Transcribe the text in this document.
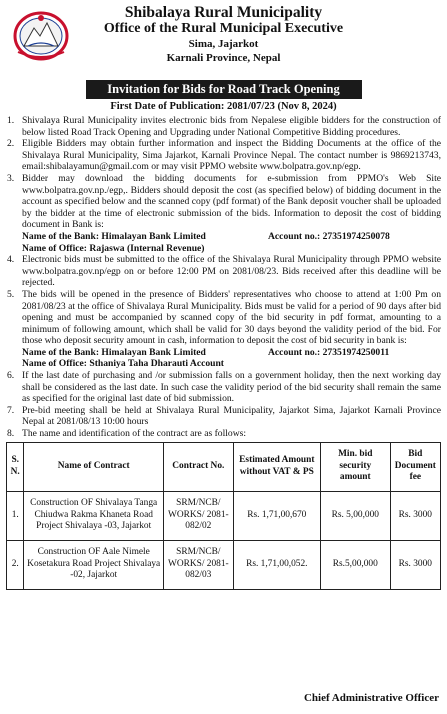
Shibalaya Rural Municipality
Office of the Rural Municipal Executive
Sima, Jajarkot
Karnali Province, Nepal
Invitation for Bids for Road Track Opening
First Date of Publication: 2081/07/23 (Nov 8, 2024)
1. Shivalaya Rural Municipality invites electronic bids from Nepalese eligible bidders for the construction of below listed Road Track Opening and Upgrading under National Competitive Bidding procedures.
2. Eligible Bidders may obtain further information and inspect the Bidding Documents at the office of the Shivalaya Rural Municipality, Sima Jajarkot, Karnali Province Nepal. The contact number is 9869213743, email:shibalayamun@gmail.com or may visit PPMO website www.bolpatra.gov.np/egp.
3. Bidder may download the bidding documents for e-submission from PPMO's Web Site www.bolpatra.gov.np./egp,. Bidders should deposit the cost (as specified below) of bidding document in the account as specified below and the scanned copy (pdf format) of the Bank deposit voucher shall be uploaded by the bidder at the time of electronic submission of the bids. Information to deposit the cost of bidding document in Bank is:
Name of the Bank: Himalayan Bank Limited	Account no.: 27351974250078
Name of Office: Rajaswa (Internal Revenue)
4. Electronic bids must be submitted to the office of the Shivalaya Rural Municipality through PPMO website www.bolpatra.gov.np/egp on or before 12:00 PM on 2081/08/23. Bids received after this deadline will be rejected.
5. The bids will be opened in the presence of Bidders' representatives who choose to attend at 1:00 Pm on 2081/08/23 at the office of Shivalaya Rural Municipality. Bids must be valid for a period of 90 days after bid opening and must be accompanied by scanned copy of the bid security in pdf format, amounting to a minimum of following amount, which shall be valid for 30 days beyond the validity period of the bid. For those who deposit security amount in cash, information to deposit the cost of bid security in bank is:
Name of the Bank: Himalayan Bank Limited	Account no.: 27351974250011
Name of Office: Sthaniya Taha Dharauti Account
6. If the last date of purchasing and /or submission falls on a government holiday, then the next working day shall be considered as the last date. In such case the validity period of the bid security shall remain the same as specified for the original last date of bid submission.
7. Pre-bid meeting shall be held at Shivalaya Rural Municipality, Jajarkot Sima, Jajarkot Karnali Province Nepal at 2081/08/13 10:00 hours
8. The name and identification of the contract are as follows:
S. N.	Name of Contract	Contract No.	Estimated Amount without VAT & PS	Min. bid security amount	Bid Document fee
1.	Construction OF Shivalaya Tanga Chiudwa Rakma Khaneta Road Project Shivalaya -03, Jajarkot	SRM/NCB/ WORKS/ 2081-082/02	Rs. 1,71,00,670	Rs. 5,00,000	Rs. 3000
2.	Construction OF Aale Nimele Kosetakura Road Project Shivalaya -02, Jajarkot	SRM/NCB/ WORKS/ 2081-082/03	Rs. 1,71,00,052.	Rs.5,00,000	Rs. 3000
Chief Administrative Officer
